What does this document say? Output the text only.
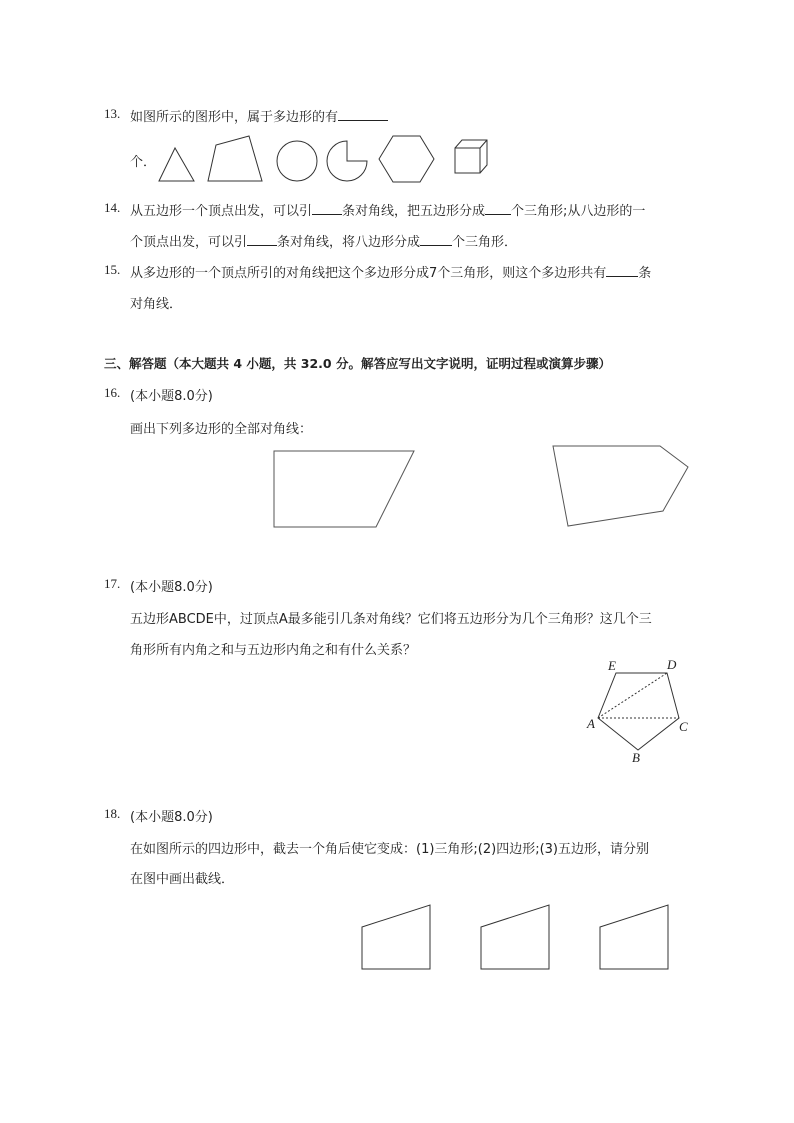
13. 如图所示的图形中，属于多边形的有
个．
14. 从五边形一个顶点出发，可以引 条对角线，把五边形分成 个三角形;从八边形的一
个顶点出发，可以引 条对角线，将八边形分成 个三角形．
15. 从多边形的一个顶点所引的对角线把这个多边形分成7个三角形，则这个多边形共有 条
对角线．
三、解答题（本大题共 4 小题，共 32.0 分。解答应写出文字说明，证明过程或演算步骤）
16. (本小题8.0分)
画出下列多边形的全部对角线：
17. (本小题8.0分)
五边形ABCDE中，过顶点A最多能引几条对角线？它们将五边形分为几个三角形？这几个三
角形所有内角之和与五边形内角之和有什么关系？
E	D
A	C
B
18. (本小题8.0分)
在如图所示的四边形中，截去一个角后使它变成：(1)三角形;(2)四边形;(3)五边形，请分别
在图中画出截线．
